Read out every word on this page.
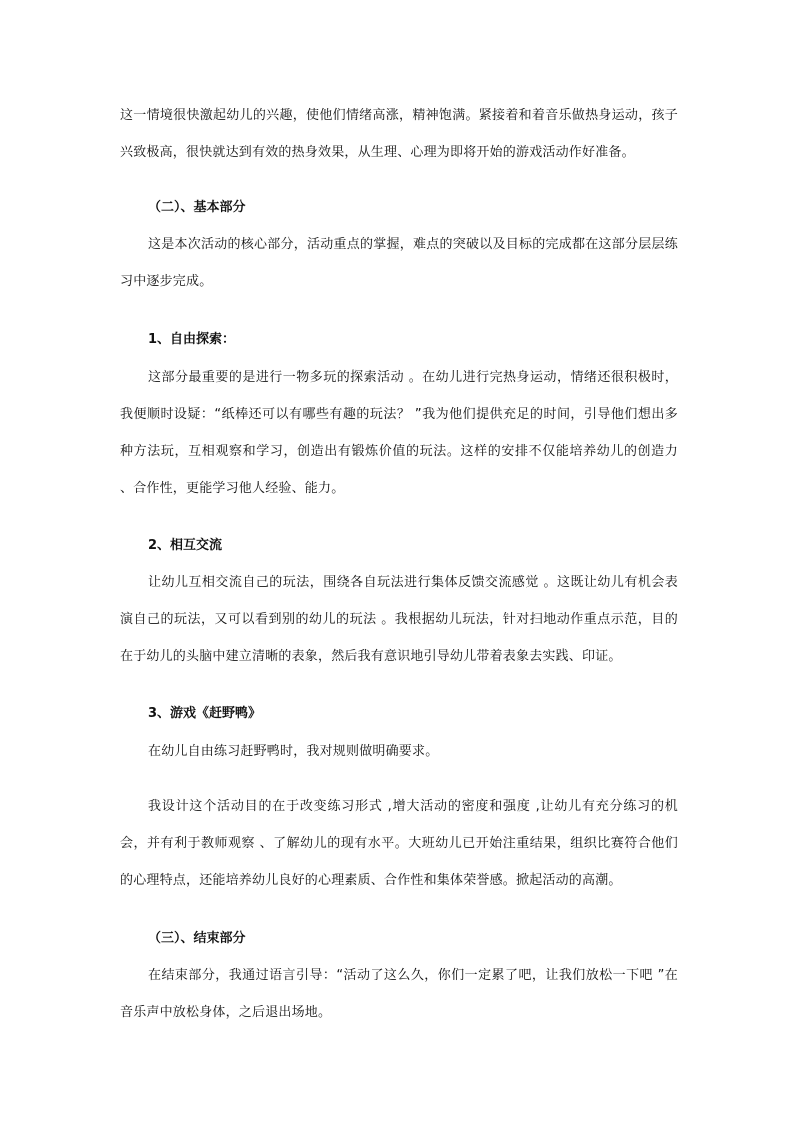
这一情境很快激起幼儿的兴趣，使他们情绪高涨，精神饱满。紧接着和着音乐做热身运动，孩子兴致极高，很快就达到有效的热身效果，从生理、心理为即将开始的游戏活动作好准备。

（二）、基本部分

这是本次活动的核心部分，活动重点的掌握，难点的突破以及目标的完成都在这部分层层练习中逐步完成。

1、自由探索：

这部分最重要的是进行一物多玩的探索活动 。在幼儿进行完热身运动，情绪还很积极时，我便顺时设疑：“纸棒还可以有哪些有趣的玩法？ ”我为他们提供充足的时间，引导他们想出多种方法玩，互相观察和学习，创造出有锻炼价值的玩法。这样的安排不仅能培养幼儿的创造力 、合作性，更能学习他人经验、能力。

2、相互交流

让幼儿互相交流自己的玩法，围绕各自玩法进行集体反馈交流感觉 。这既让幼儿有机会表演自己的玩法，又可以看到别的幼儿的玩法 。我根据幼儿玩法，针对扫地动作重点示范，目的在于幼儿的头脑中建立清晰的表象，然后我有意识地引导幼儿带着表象去实践、印证。

3、游戏《赶野鸭》

在幼儿自由练习赶野鸭时，我对规则做明确要求。

我设计这个活动目的在于改变练习形式 ,增大活动的密度和强度 ,让幼儿有充分练习的机会，并有利于教师观察 、了解幼儿的现有水平。大班幼儿已开始注重结果，组织比赛符合他们的心理特点，还能培养幼儿良好的心理素质、合作性和集体荣誉感。掀起活动的高潮。

（三）、结束部分

在结束部分，我通过语言引导：“活动了这么久，你们一定累了吧，让我们放松一下吧 ”在音乐声中放松身体，之后退出场地。
